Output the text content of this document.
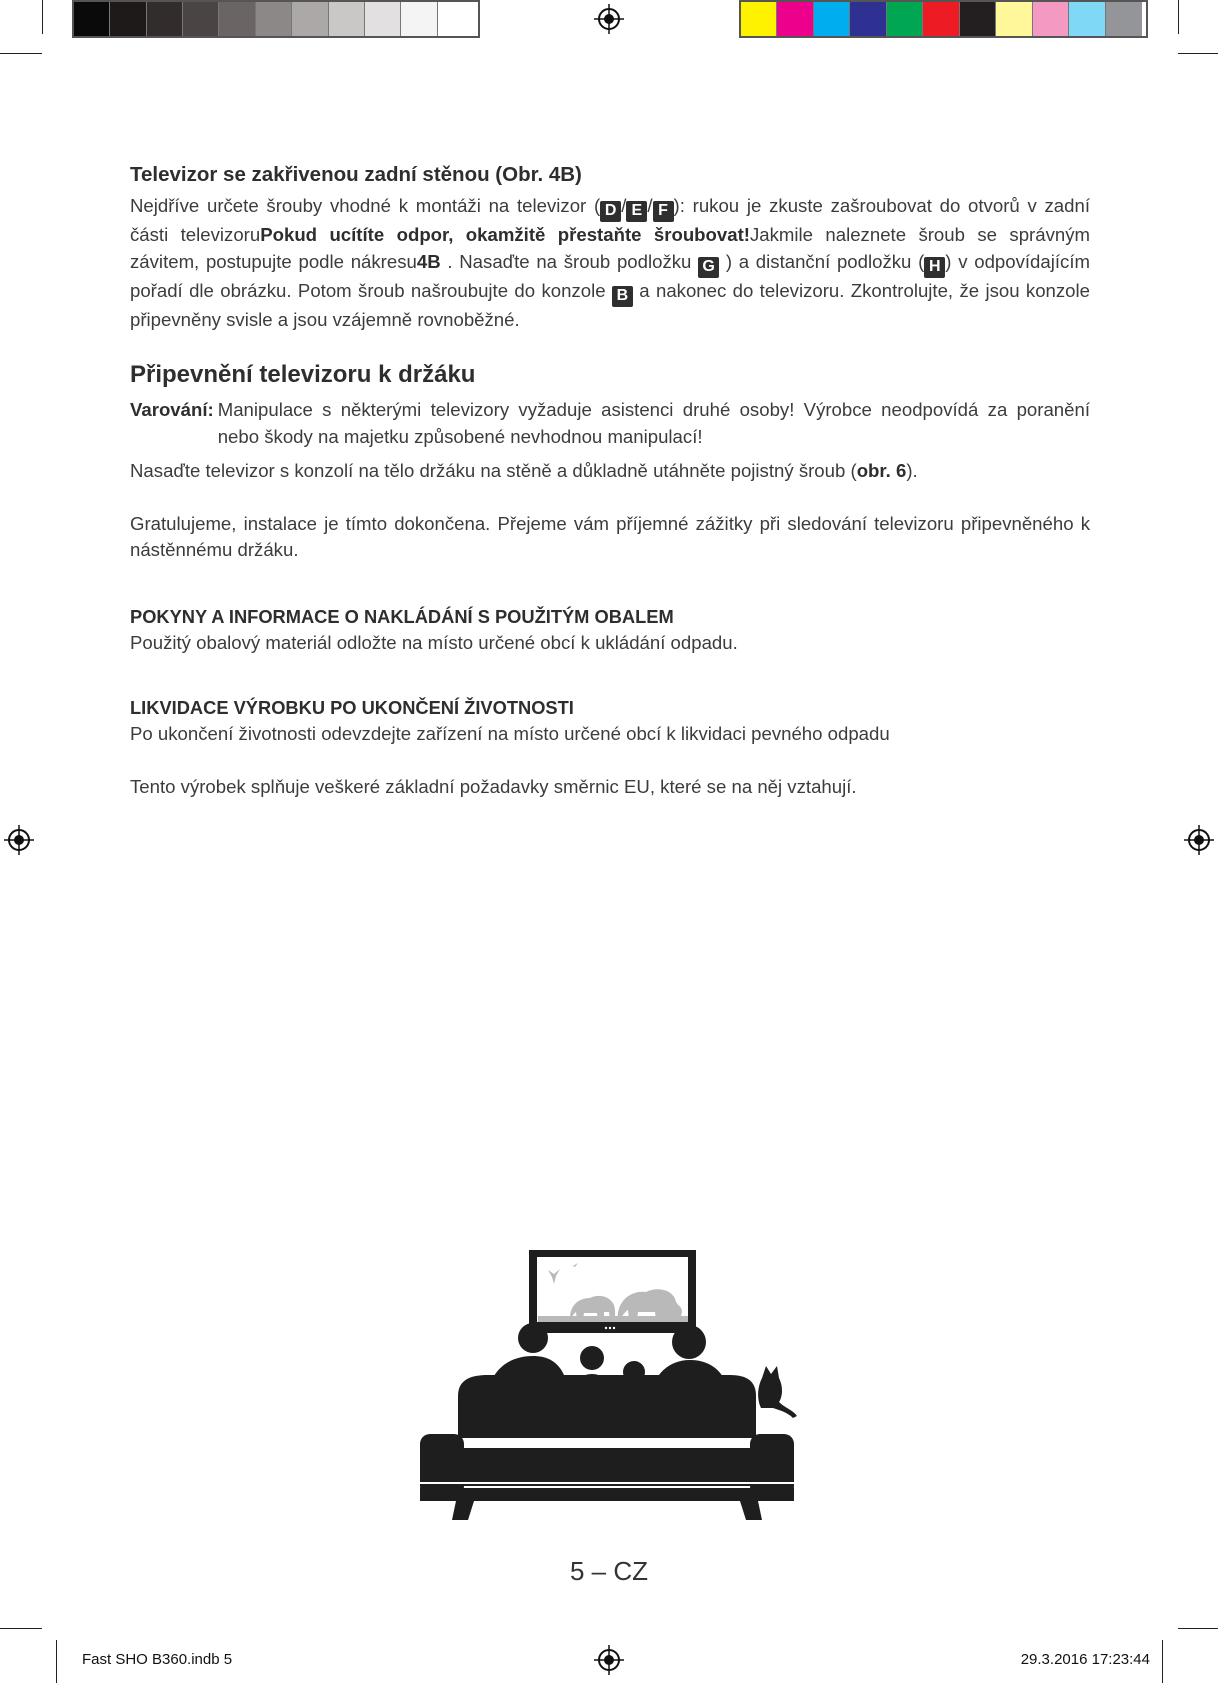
Televizor se zakřivenou zadní stěnou (Obr. 4B)

Nejdříve určete šrouby vhodné k montáži na televizor ( D / E / F ): rukou je zkuste zašroubovat do otvorů v zadní části televizoruPokud ucítíte odpor, okamžitě přestaňte šroubovat!Jakmile naleznete šroub se správným závitem, postupujte podle nákresu4B . Nasaďte na šroub podložku G ) a distanční podložku ( H ) v odpovídajícím pořadí dle obrázku. Potom šroub našroubujte do konzole B a nakonec do televizoru. Zkontrolujte, že jsou konzole připevněny svisle a jsou vzájemně rovnoběžné.

Připevnění televizoru k držáku
Varování: Manipulace s některými televizory vyžaduje asistenci druhé osoby! Výrobce neodpovídá za poranění nebo škody na majetku způsobené nevhodnou manipulací!

Nasaďte televizor s konzolí na tělo držáku na stěně a důkladně utáhněte pojistný šroub (obr. 6).

Gratulujeme, instalace je tímto dokončena. Přejeme vám příjemné zážitky při sledování televizoru připevněného k nástěnnému držáku.

POKYNY A INFORMACE O NAKLÁDÁNÍ S POUŽITÝM OBALEM

Použitý obalový materiál odložte na místo určené obcí k ukládání odpadu.

LIKVIDACE VÝROBKU PO UKONČENÍ ŽIVOTNOSTI

Po ukončení životnosti odevzdejte zařízení na místo určené obcí k likvidaci pevného odpadu

Tento výrobek splňuje veškeré základní požadavky směrnic EU, které se na něj vztahují.

5 – CZ
Fast SHO B360.indb 5	29.3.2016 17:23:44
